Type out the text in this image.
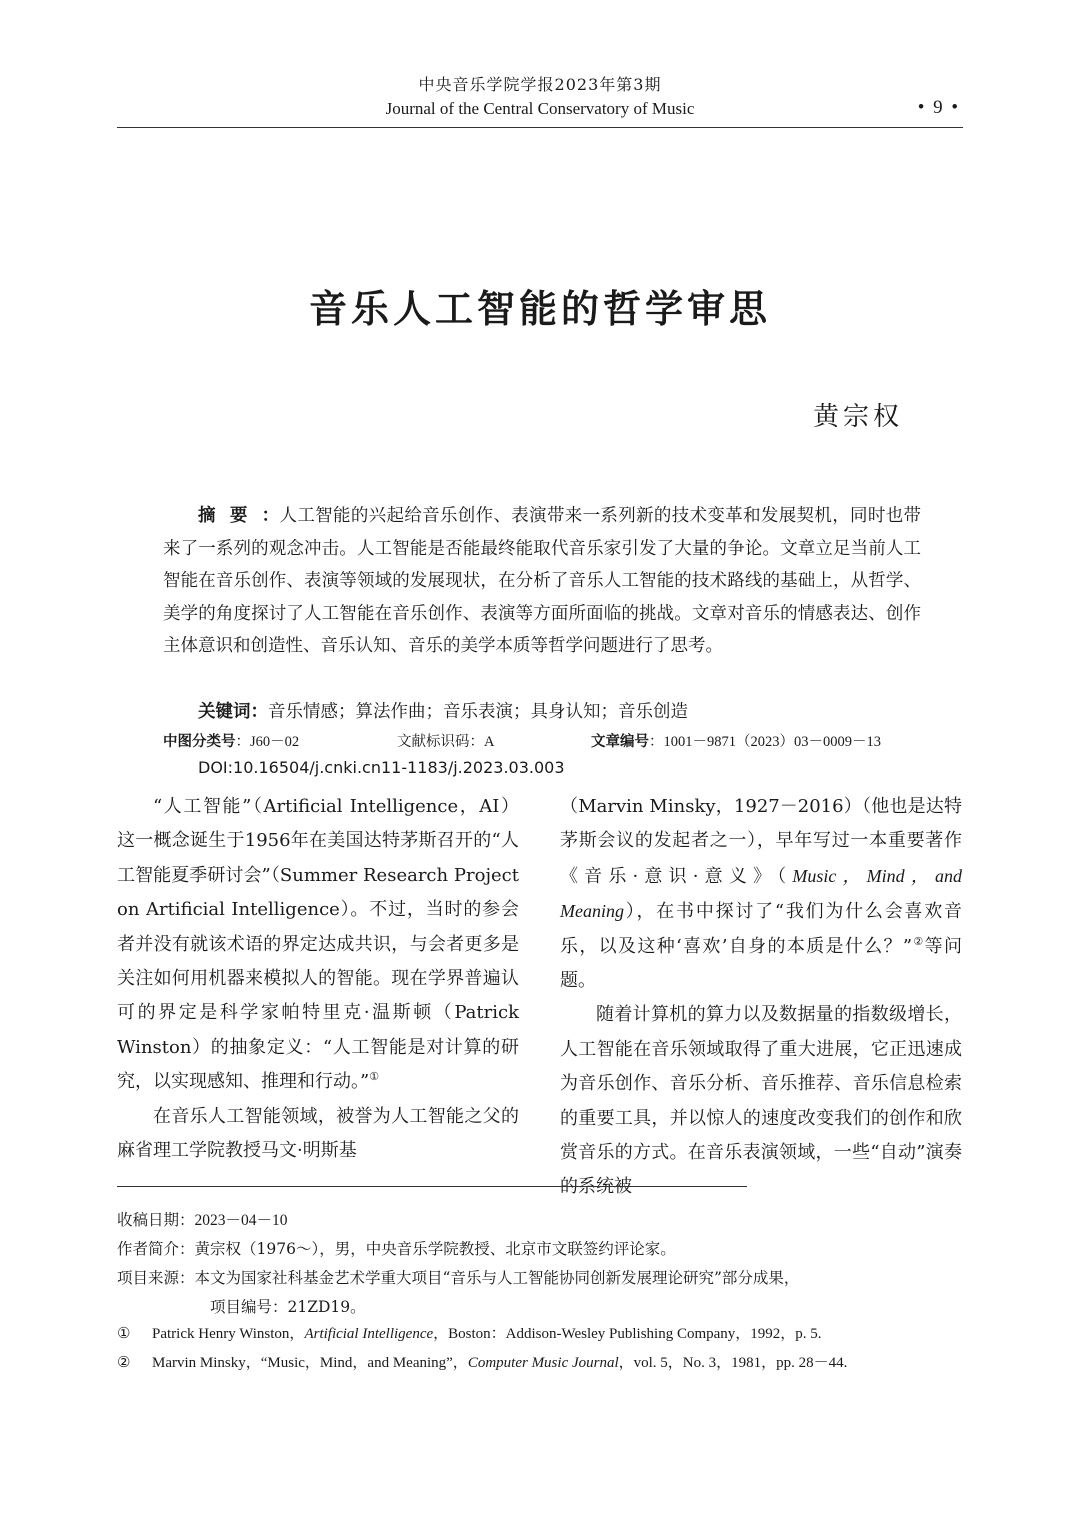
中央音乐学院学报2023年第3期
Journal of the Central Conservatory of Music	• 9 •
音乐人工智能的哲学审思
黄宗权
摘要：人工智能的兴起给音乐创作、表演带来一系列新的技术变革和发展契机，同时也带来了一系列的观念冲击。人工智能是否能最终能取代音乐家引发了大量的争论。文章立足当前人工智能在音乐创作、表演等领域的发展现状，在分析了音乐人工智能的技术路线的基础上，从哲学、美学的角度探讨了人工智能在音乐创作、表演等方面所面临的挑战。文章对音乐的情感表达、创作主体意识和创造性、音乐认知、音乐的美学本质等哲学问题进行了思考。
关键词：音乐情感；算法作曲；音乐表演；具身认知；音乐创造
中图分类号：J60－02	文献标识码：A	文章编号：1001－9871（2023）03－0009－13
DOI:10.16504/j.cnki.cn11-1183/j.2023.03.003

“人工智能”（Artificial Intelligence，AI）这一概念诞生于1956年在美国达特茅斯召开的“人工智能夏季研讨会”（Summer Research Project on Artificial Intelligence）。不过，当时的参会者并没有就该术语的界定达成共识，与会者更多是关注如何用机器来模拟人的智能。现在学界普遍认可的界定是科学家帕特里克·温斯顿（Patrick Winston）的抽象定义：“人工智能是对计算的研究，以实现感知、推理和行动。”①

在音乐人工智能领域，被誉为人工智能之父的麻省理工学院教授马文·明斯基

（Marvin Minsky，1927－2016）（他也是达特茅斯会议的发起者之一），早年写过一本重要著作《音乐·意识·意义》（Music，Mind，and Meaning），在书中探讨了“我们为什么会喜欢音乐，以及这种‘喜欢’自身的本质是什么？”②等问题。

随着计算机的算力以及数据量的指数级增长，人工智能在音乐领域取得了重大进展，它正迅速成为音乐创作、音乐分析、音乐推荐、音乐信息检索的重要工具，并以惊人的速度改变我们的创作和欣赏音乐的方式。在音乐表演领域，一些“自动”演奏的系统被

收稿日期： 2023－04－10
作者简介： 黄宗权（1976～），男，中央音乐学院教授、北京市文联签约评论家。
项目来源： 本文为国家社科基金艺术学重大项目“音乐与人工智能协同创新发展理论研究”部分成果，
项目编号：21ZD19。
①	Patrick Henry Winston， Artificial Intelligence ，Boston：Addison-Wesley Publishing Company，1992，p. 5.
②	Marvin Minsky，“Music，Mind，and Meaning”， Computer Music Journal ，vol. 5，No. 3，1981，pp. 28－44.
